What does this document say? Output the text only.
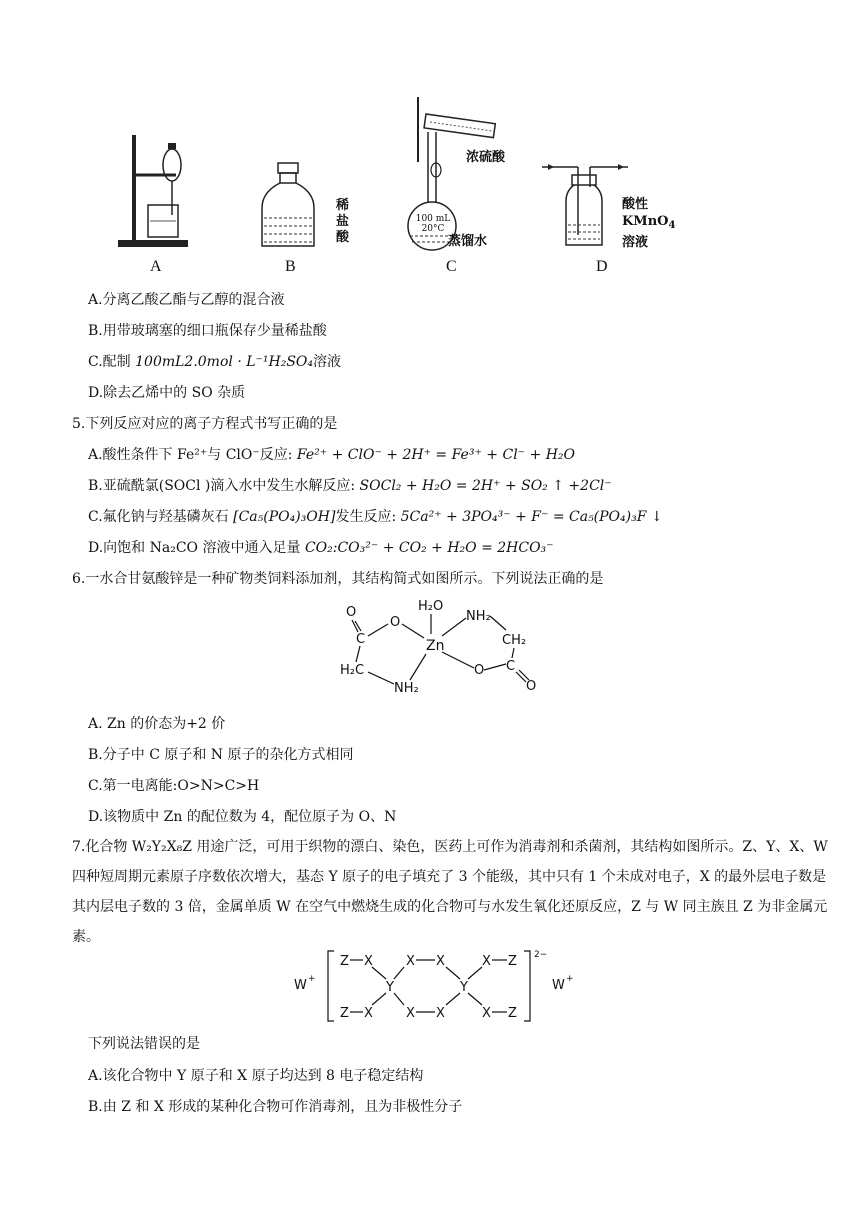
A
稀盐酸
B
浓硫酸
100 mL
20°C
蒸馏水
C
酸性
KMnO$_4$
溶液
D
A.分离乙酸乙酯与乙醇的混合液
B.用带玻璃塞的细口瓶保存少量稀盐酸
C.配制 100mL2.0mol · L⁻¹H₂SO₄溶液
D.除去乙烯中的 SO 杂质
5.下列反应对应的离子方程式书写正确的是
A.酸性条件下 Fe²⁺与 ClO⁻反应: Fe²⁺ + ClO⁻ + 2H⁺ = Fe³⁺ + Cl⁻ + H₂O
B.亚硫酰氯(SOCl )滴入水中发生水解反应: SOCl₂ + H₂O = 2H⁺ + SO₂ ↑ +2Cl⁻
C.氟化钠与羟基磷灰石 [Ca₅(PO₄)₃OH]发生反应: 5Ca²⁺ + 3PO₄³⁻ + F⁻ = Ca₅(PO₄)₃F ↓
D.向饱和 Na₂CO 溶液中通入足量 CO₂:CO₃²⁻ + CO₂ + H₂O = 2HCO₃⁻
6.一水合甘氨酸锌是一种矿物类饲料添加剂，其结构简式如图所示。下列说法正确的是
O
C
O
H₂O
Zn
NH₂
CH₂
H₂C
NH₂
O C
O
A. Zn 的价态为+2 价
B.分子中 C 原子和 N 原子的杂化方式相同
C.第一电离能:O>N>C>H
D.该物质中 Zn 的配位数为 4，配位原子为 O、N
7.化合物 W₂Y₂X₈Z 用途广泛，可用于织物的漂白、染色，医药上可作为消毒剂和杀菌剂，其结构如图所示。Z、Y、X、W 四种短周期元素原子序数依次增大，基态 Y 原子的电子填充了 3 个能级，其中只有 1 个未成对电子，X 的最外层电子数是其内层电子数的 3 倍，金属单质 W 在空气中燃烧生成的化合物可与水发生氧化还原反应，Z 与 W 同主族且 Z 为非金属元素。
W +
Z X	X X	X Z
Y	Y
Z X	X X	X Z
2−
W +
下列说法错误的是
A.该化合物中 Y 原子和 X 原子均达到 8 电子稳定结构
B.由 Z 和 X 形成的某种化合物可作消毒剂，且为非极性分子
